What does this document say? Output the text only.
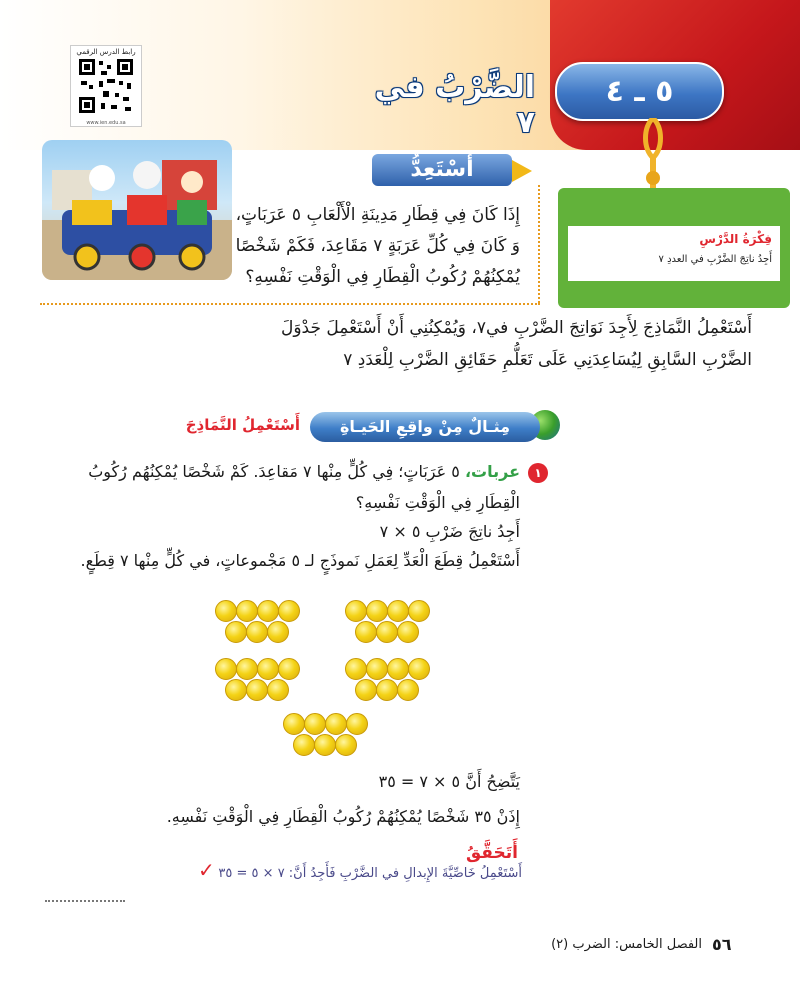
رابط الدرس الرقمي
www.ien.edu.sa
الضَّرْبُ في ٧
٥ ـ ٤
فِكْرَةُ الدَّرْسِ
أَجِدُ ناتِجَ الضَّرْبِ في العددِ ٧
أَسْتَعِدُّ
إِذَا كَانَ فِي قِطَارِ مَدِينَةِ الْأَلْعَابِ ٥ عَرَبَاتٍ،
وَ كَانَ فِي كُلِّ عَرَبَةٍ ٧ مَقَاعِدَ، فَكَمْ شَخْصًا
يُمْكِنُهُمْ رُكُوبُ الْقِطَارِ فِي الْوَقْتِ نَفْسِهِ؟
أَسْتَعْمِلُ النَّمَاذِجَ لِأَجِدَ نَوَاتِجَ الضَّرْبِ في٧، وَيُمْكِنُنِي أَنْ أَسْتَعْمِلَ جَدْوَلَ
الضَّرْبِ السَّابِقِ لِيُسَاعِدَنِي عَلَى تَعَلُّمِ حَقَائِقِ الضَّرْبِ لِلْعَدَدِ ٧
مِثـالٌ مِنْ واقِعِ الحَيـاةِ
أَسْتَعْمِلُ النَّمَاذِجَ
١
عربات، ٥ عَرَبَاتٍ؛ فِي كُلٍّ مِنْها ٧ مَقاعِدَ. كَمْ شَخْصًا يُمْكِنُهُم رُكُوبُ
الْقِطَارِ فِي الْوَقْتِ نَفْسِهِ؟
أَجِدُ ناتِجَ ضَرْبِ ٥ × ٧
أَسْتَعْمِلُ قِطَعَ الْعَدِّ لِعَمَلِ نَموذَجٍ لـ ٥ مَجْموعاتٍ، في كُلٍّ مِنْها ٧ قِطَعٍ.
يَتَّضِحُ أَنَّ ٥ × ٧ = ٣٥
إِذَنْ ٣٥ شَخْصًا يُمْكِنُهُمْ رُكُوبُ الْقِطَارِ فِي الْوَقْتِ نَفْسِهِ.
أَتَحَقَّقُ
أَسْتَعْمِلُ خَاصِّيَّةَ الإِبدالِ في الضَّرْبِ فَأَجِدُ أَنَّ: ٧ × ٥ = ٣٥
✓
٥٦
الفصل الخامس: الضرب (٢)
